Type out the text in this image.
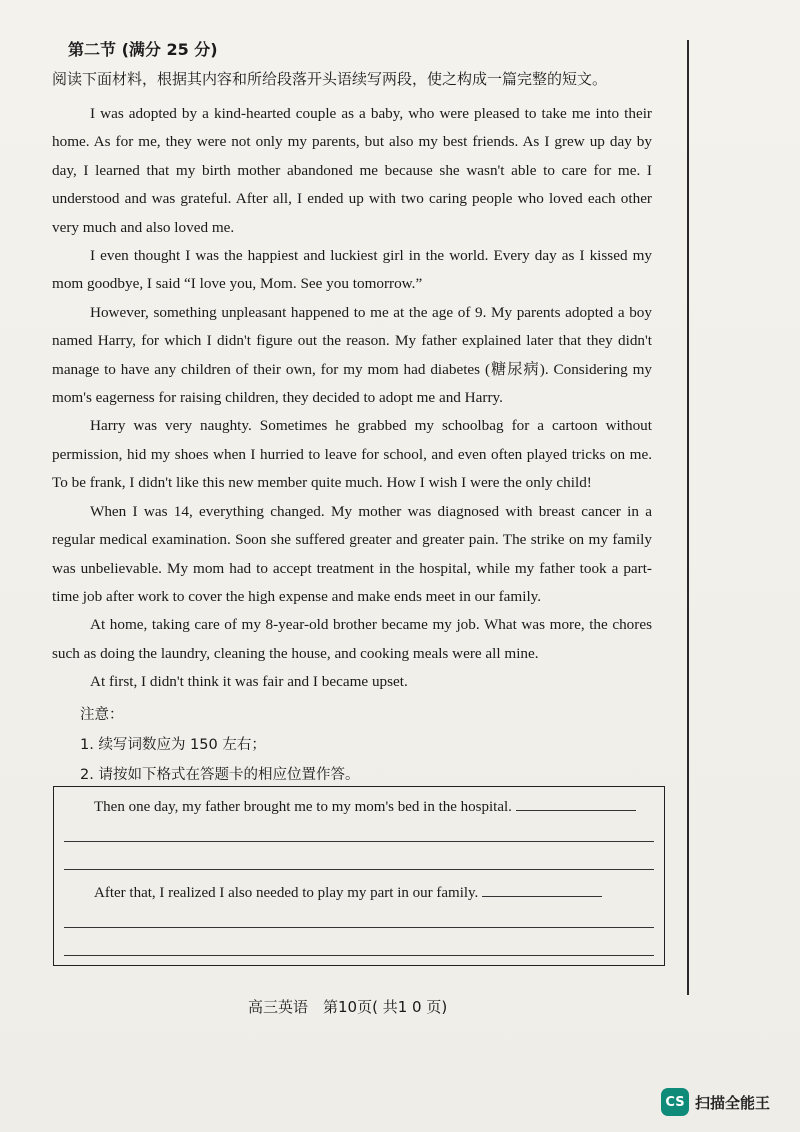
第二节 (满分 25 分)
阅读下面材料，根据其内容和所给段落开头语续写两段，使之构成一篇完整的短文。

I was adopted by a kind-hearted couple as a baby, who were pleased to take me into their home. As for me, they were not only my parents, but also my best friends. As I grew up day by day, I learned that my birth mother abandoned me because she wasn't able to care for me. I understood and was grateful. After all, I ended up with two caring people who loved each other very much and also loved me.

I even thought I was the happiest and luckiest girl in the world. Every day as I kissed my mom goodbye, I said “I love you, Mom. See you tomorrow.”

However, something unpleasant happened to me at the age of 9. My parents adopted a boy named Harry, for which I didn't figure out the reason. My father explained later that they didn't manage to have any children of their own, for my mom had diabetes (糖尿病). Considering my mom's eagerness for raising children, they decided to adopt me and Harry.

Harry was very naughty. Sometimes he grabbed my schoolbag for a cartoon without permission, hid my shoes when I hurried to leave for school, and even often played tricks on me. To be frank, I didn't like this new member quite much. How I wish I were the only child!

When I was 14, everything changed. My mother was diagnosed with breast cancer in a regular medical examination. Soon she suffered greater and greater pain. The strike on my family was unbelievable. My mom had to accept treatment in the hospital, while my father took a part-time job after work to cover the high expense and make ends meet in our family.

At home, taking care of my 8-year-old brother became my job. What was more, the chores such as doing the laundry, cleaning the house, and cooking meals were all mine.

At first, I didn't think it was fair and I became upset.

注意：
1. 续写词数应为 150 左右；
2. 请按如下格式在答题卡的相应位置作答。
Then one day, my father brought me to my mom's bed in the hospital.
After that, I realized I also needed to play my part in our family.
高三英语　第10页( 共1 0 页)
CS 扫描全能王
